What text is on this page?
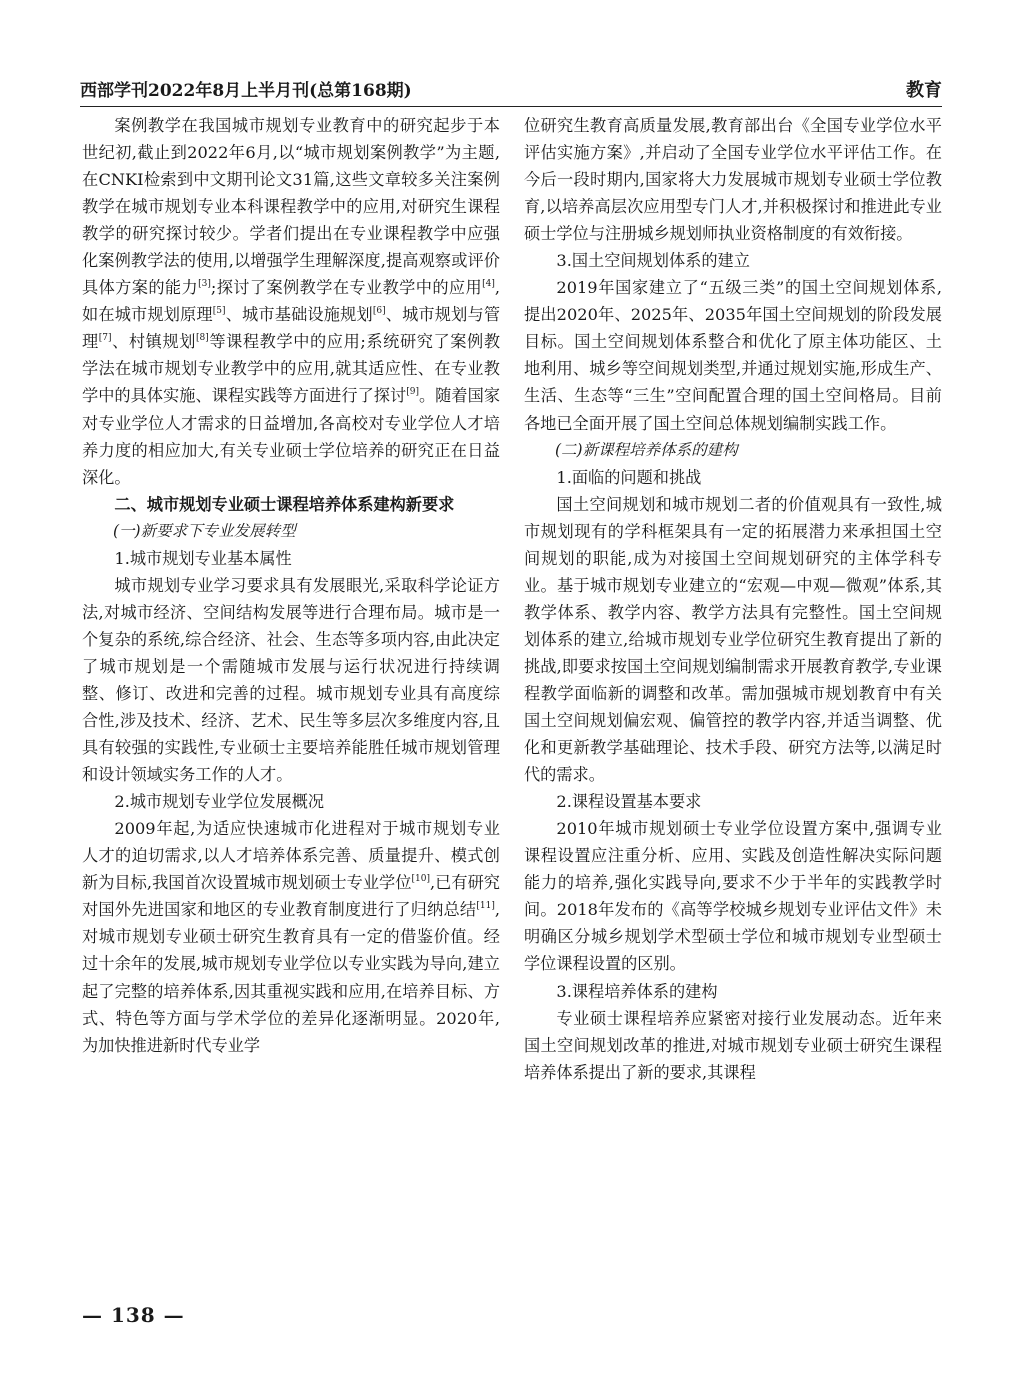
西部学刊2022年8月上半月刊(总第168期)	教育

案例教学在我国城市规划专业教育中的研究起步于本世纪初,截止到2022年6月,以“城市规划案例教学”为主题,在CNKI检索到中文期刊论文31篇,这些文章较多关注案例教学在城市规划专业本科课程教学中的应用,对研究生课程教学的研究探讨较少。学者们提出在专业课程教学中应强化案例教学法的使用,以增强学生理解深度,提高观察或评价具体方案的能力[3];探讨了案例教学在专业教学中的应用[4],如在城市规划原理[5]、城市基础设施规划[6]、城市规划与管理[7]、村镇规划[8]等课程教学中的应用;系统研究了案例教学法在城市规划专业教学中的应用,就其适应性、在专业教学中的具体实施、课程实践等方面进行了探讨[9]。随着国家对专业学位人才需求的日益增加,各高校对专业学位人才培养力度的相应加大,有关专业硕士学位培养的研究正在日益深化。

二、城市规划专业硕士课程培养体系建构新要求

(一)新要求下专业发展转型

1.城市规划专业基本属性

城市规划专业学习要求具有发展眼光,采取科学论证方法,对城市经济、空间结构发展等进行合理布局。城市是一个复杂的系统,综合经济、社会、生态等多项内容,由此决定了城市规划是一个需随城市发展与运行状况进行持续调整、修订、改进和完善的过程。城市规划专业具有高度综合性,涉及技术、经济、艺术、民生等多层次多维度内容,且具有较强的实践性,专业硕士主要培养能胜任城市规划管理和设计领域实务工作的人才。

2.城市规划专业学位发展概况

2009年起,为适应快速城市化进程对于城市规划专业人才的迫切需求,以人才培养体系完善、质量提升、模式创新为目标,我国首次设置城市规划硕士专业学位[10],已有研究对国外先进国家和地区的专业教育制度进行了归纳总结[11],对城市规划专业硕士研究生教育具有一定的借鉴价值。经过十余年的发展,城市规划专业学位以专业实践为导向,建立起了完整的培养体系,因其重视实践和应用,在培养目标、方式、特色等方面与学术学位的差异化逐渐明显。2020年,为加快推进新时代专业学

位研究生教育高质量发展,教育部出台《全国专业学位水平评估实施方案》,并启动了全国专业学位水平评估工作。在今后一段时期内,国家将大力发展城市规划专业硕士学位教育,以培养高层次应用型专门人才,并积极探讨和推进此专业硕士学位与注册城乡规划师执业资格制度的有效衔接。

3.国土空间规划体系的建立

2019年国家建立了“五级三类”的国土空间规划体系,提出2020年、2025年、2035年国土空间规划的阶段发展目标。国土空间规划体系整合和优化了原主体功能区、土地利用、城乡等空间规划类型,并通过规划实施,形成生产、生活、生态等“三生”空间配置合理的国土空间格局。目前各地已全面开展了国土空间总体规划编制实践工作。

(二)新课程培养体系的建构

1.面临的问题和挑战

国土空间规划和城市规划二者的价值观具有一致性,城市规划现有的学科框架具有一定的拓展潜力来承担国土空间规划的职能,成为对接国土空间规划研究的主体学科专业。基于城市规划专业建立的“宏观—中观—微观”体系,其教学体系、教学内容、教学方法具有完整性。国土空间规划体系的建立,给城市规划专业学位研究生教育提出了新的挑战,即要求按国土空间规划编制需求开展教育教学,专业课程教学面临新的调整和改革。需加强城市规划教育中有关国土空间规划偏宏观、偏管控的教学内容,并适当调整、优化和更新教学基础理论、技术手段、研究方法等,以满足时代的需求。

2.课程设置基本要求

2010年城市规划硕士专业学位设置方案中,强调专业课程设置应注重分析、应用、实践及创造性解决实际问题能力的培养,强化实践导向,要求不少于半年的实践教学时间。2018年发布的《高等学校城乡规划专业评估文件》未明确区分城乡规划学术型硕士学位和城市规划专业型硕士学位课程设置的区别。

3.课程培养体系的建构

专业硕士课程培养应紧密对接行业发展动态。近年来国土空间规划改革的推进,对城市规划专业硕士研究生课程培养体系提出了新的要求,其课程

— 138 —
